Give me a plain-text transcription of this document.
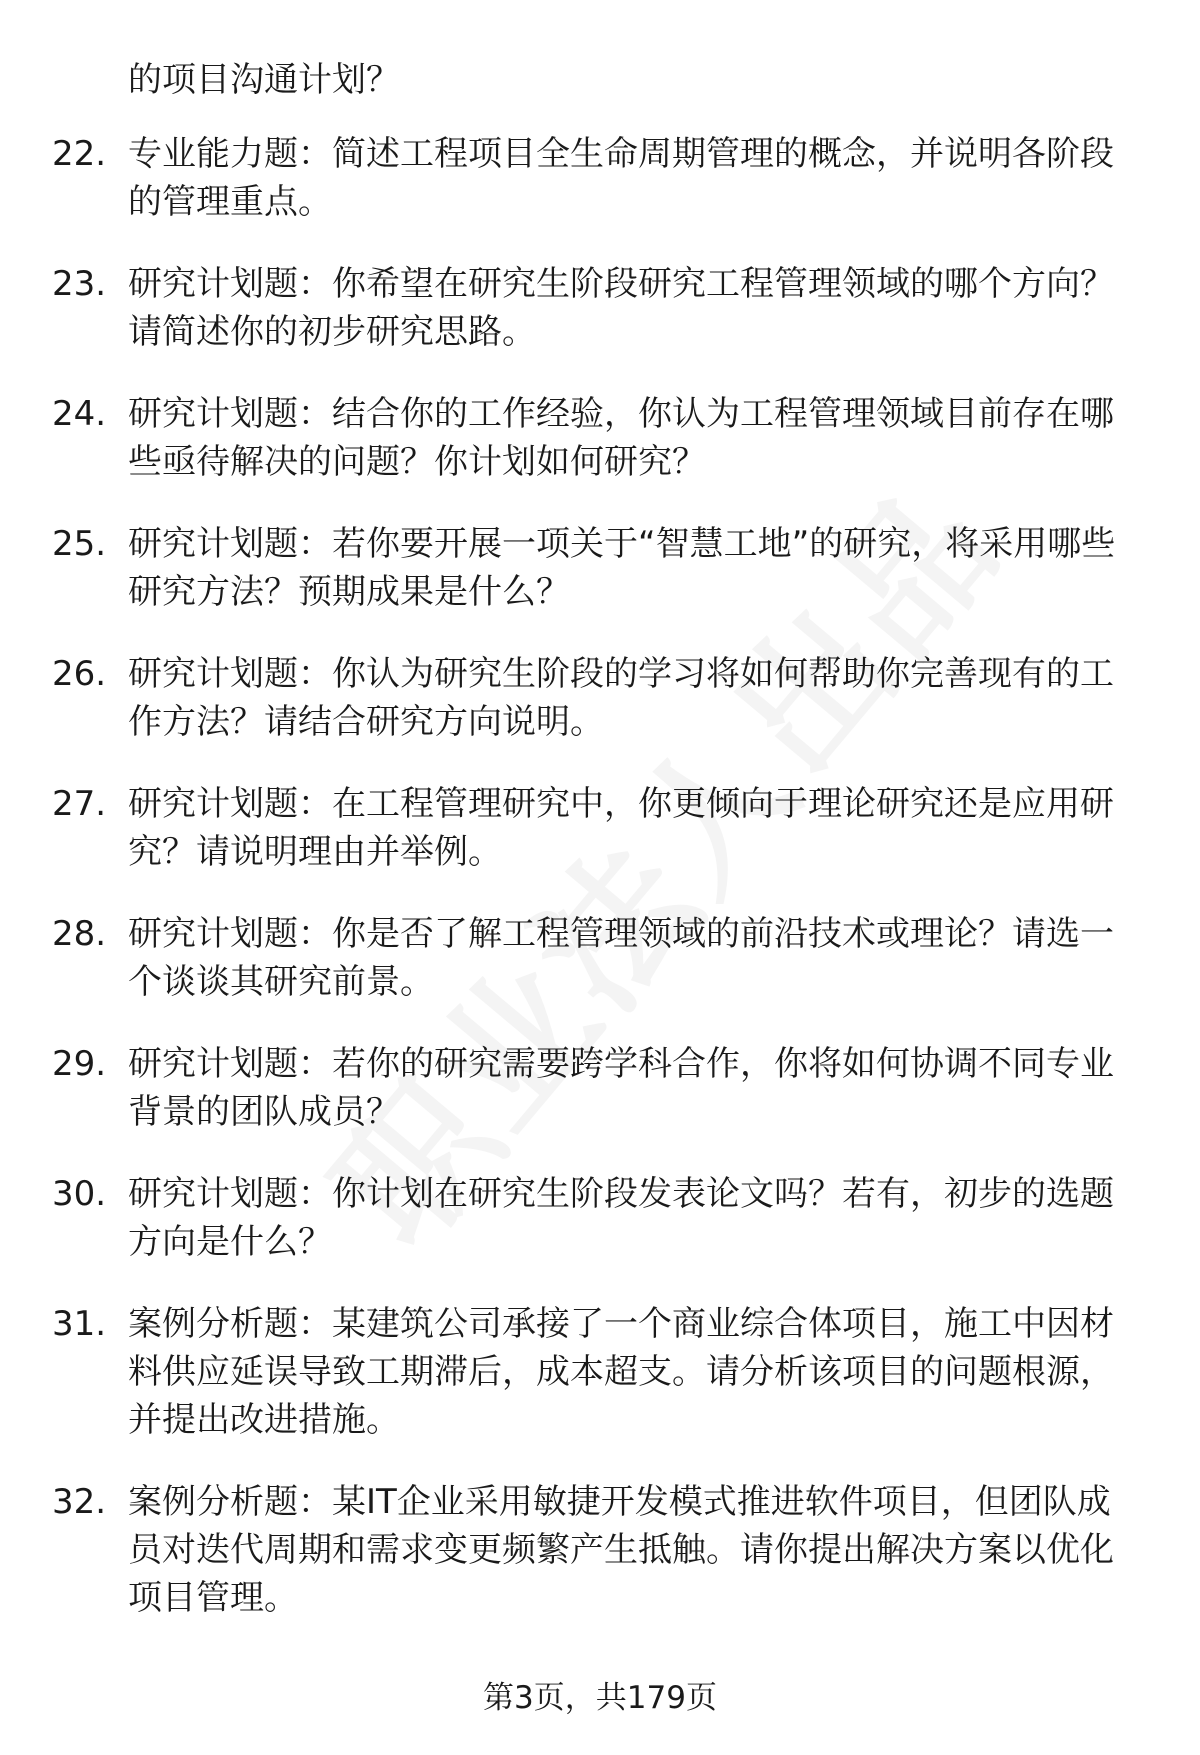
的项目沟通计划？
22. 专业能力题：简述工程项目全生命周期管理的概念，并说明各阶段的管理重点。
23. 研究计划题：你希望在研究生阶段研究工程管理领域的哪个方向？请简述你的初步研究思路。
24. 研究计划题：结合你的工作经验，你认为工程管理领域目前存在哪些亟待解决的问题？你计划如何研究？
25. 研究计划题：若你要开展一项关于“智慧工地”的研究，将采用哪些研究方法？预期成果是什么？
26. 研究计划题：你认为研究生阶段的学习将如何帮助你完善现有的工作方法？请结合研究方向说明。
27. 研究计划题：在工程管理研究中，你更倾向于理论研究还是应用研究？请说明理由并举例。
28. 研究计划题：你是否了解工程管理领域的前沿技术或理论？请选一个谈谈其研究前景。
29. 研究计划题：若你的研究需要跨学科合作，你将如何协调不同专业背景的团队成员？
30. 研究计划题：你计划在研究生阶段发表论文吗？若有，初步的选题方向是什么？
31. 案例分析题：某建筑公司承接了一个商业综合体项目，施工中因材料供应延误导致工期滞后，成本超支。请分析该项目的问题根源，并提出改进措施。
32. 案例分析题：某IT企业采用敏捷开发模式推进软件项目，但团队成员对迭代周期和需求变更频繁产生抵触。请你提出解决方案以优化项目管理。
第3页，共179页
